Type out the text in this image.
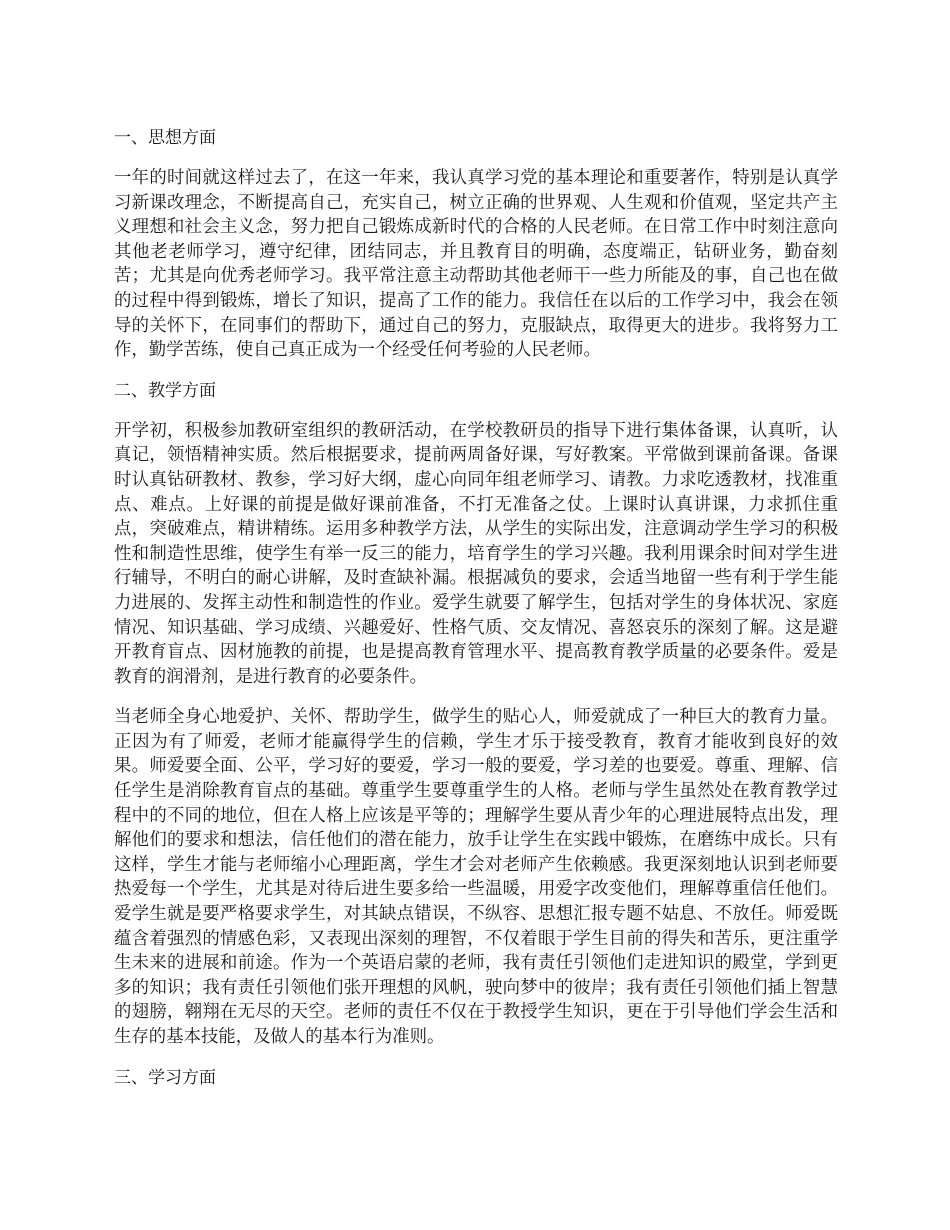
一、思想方面

一年的时间就这样过去了，在这一年来，我认真学习党的基本理论和重要著作，特别是认真学习新课改理念，不断提高自己，充实自己，树立正确的世界观、人生观和价值观，坚定共产主义理想和社会主义念，努力把自己锻炼成新时代的合格的人民老师。在日常工作中时刻注意向其他老老师学习，遵守纪律，团结同志，并且教育目的明确，态度端正，钻研业务，勤奋刻苦；尤其是向优秀老师学习。我平常注意主动帮助其他老师干一些力所能及的事，自己也在做的过程中得到锻炼，增长了知识，提高了工作的能力。我信任在以后的工作学习中，我会在领导的关怀下，在同事们的帮助下，通过自己的努力，克服缺点，取得更大的进步。我将努力工作，勤学苦练，使自己真正成为一个经受任何考验的人民老师。

二、教学方面

开学初，积极参加教研室组织的教研活动，在学校教研员的指导下进行集体备课，认真听，认真记，领悟精神实质。然后根据要求，提前两周备好课，写好教案。平常做到课前备课。备课时认真钻研教材、教参，学习好大纲，虚心向同年组老师学习、请教。力求吃透教材，找准重点、难点。上好课的前提是做好课前准备，不打无准备之仗。上课时认真讲课，力求抓住重点，突破难点，精讲精练。运用多种教学方法，从学生的实际出发，注意调动学生学习的积极性和制造性思维，使学生有举一反三的能力，培育学生的学习兴趣。我利用课余时间对学生进行辅导，不明白的耐心讲解，及时查缺补漏。根据减负的要求，会适当地留一些有利于学生能力进展的、发挥主动性和制造性的作业。爱学生就要了解学生，包括对学生的身体状况、家庭情况、知识基础、学习成绩、兴趣爱好、性格气质、交友情况、喜怒哀乐的深刻了解。这是避开教育盲点、因材施教的前提，也是提高教育管理水平、提高教育教学质量的必要条件。爱是教育的润滑剂，是进行教育的必要条件。

当老师全身心地爱护、关怀、帮助学生，做学生的贴心人，师爱就成了一种巨大的教育力量。正因为有了师爱，老师才能赢得学生的信赖，学生才乐于接受教育，教育才能收到良好的效果。师爱要全面、公平，学习好的要爱，学习一般的要爱，学习差的也要爱。尊重、理解、信任学生是消除教育盲点的基础。尊重学生要尊重学生的人格。老师与学生虽然处在教育教学过程中的不同的地位，但在人格上应该是平等的；理解学生要从青少年的心理进展特点出发，理解他们的要求和想法，信任他们的潜在能力，放手让学生在实践中锻炼，在磨练中成长。只有这样，学生才能与老师缩小心理距离，学生才会对老师产生依赖感。我更深刻地认识到老师要热爱每一个学生，尤其是对待后进生要多给一些温暖，用爱字改变他们，理解尊重信任他们。爱学生就是要严格要求学生，对其缺点错误，不纵容、思想汇报专题不姑息、不放任。师爱既蕴含着强烈的情感色彩，又表现出深刻的理智，不仅着眼于学生目前的得失和苦乐，更注重学生未来的进展和前途。作为一个英语启蒙的老师，我有责任引领他们走进知识的殿堂，学到更多的知识；我有责任引领他们张开理想的风帆，驶向梦中的彼岸；我有责任引领他们插上智慧的翅膀，翱翔在无尽的天空。老师的责任不仅在于教授学生知识，更在于引导他们学会生活和生存的基本技能，及做人的基本行为准则。

三、学习方面
